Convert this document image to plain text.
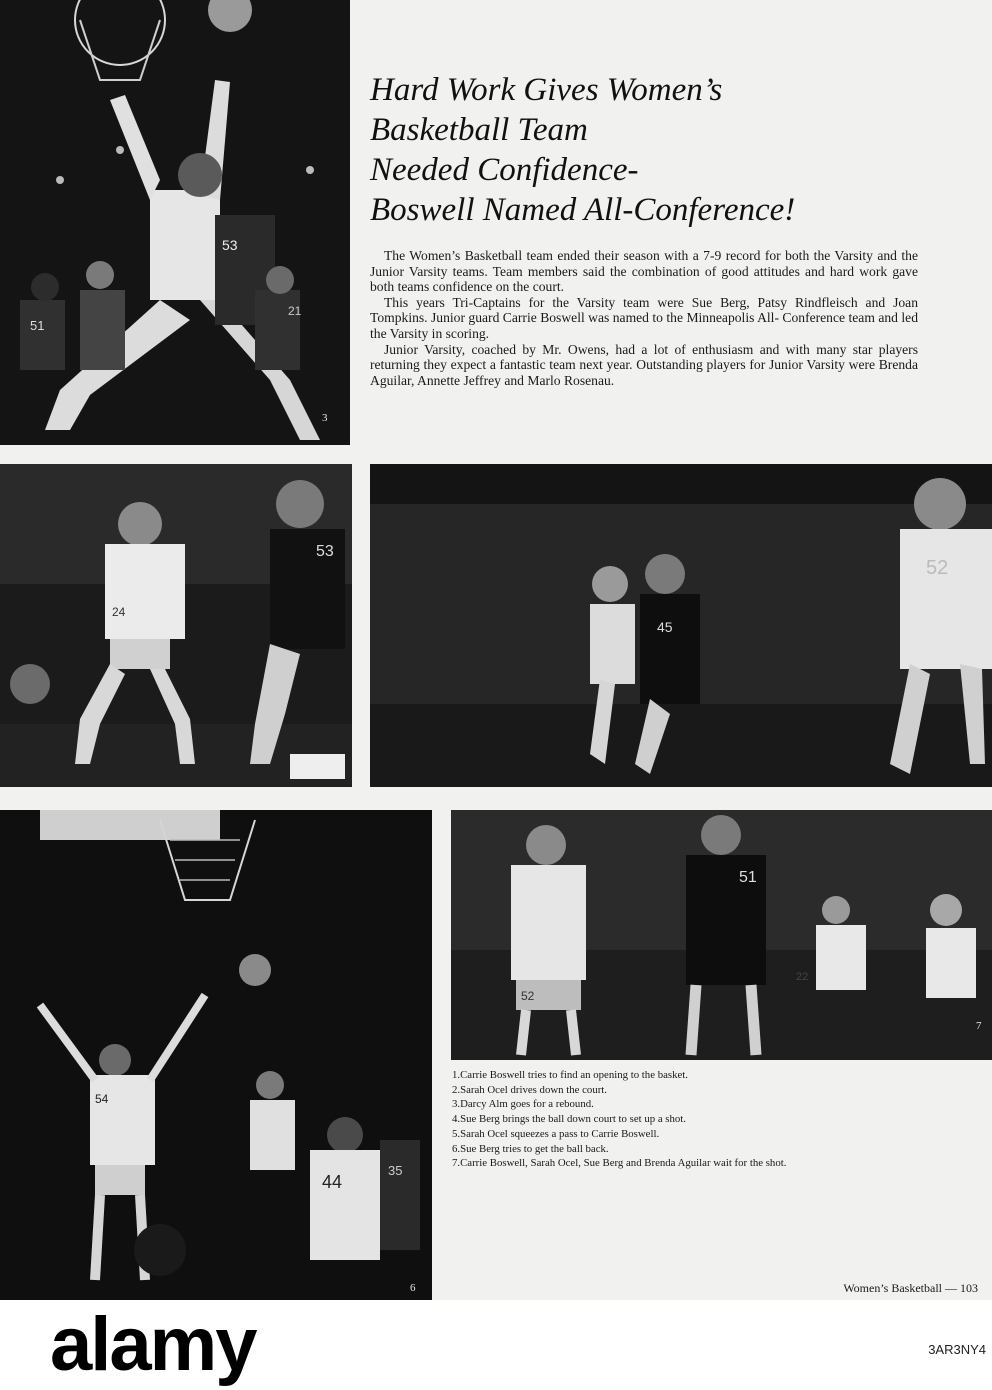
53
51
21
3
Hard Work Gives Women’s
Basketball Team
Needed Confidence-
Boswell Named All-Conference!

The Women’s Basketball team ended their season with a 7-9 record for both the Varsity and the Junior Varsity teams. Team members said the combination of good attitudes and hard work gave both teams confidence on the court.

This years Tri-Captains for the Varsity team were Sue Berg, Patsy Rindfleisch and Joan Tompkins. Junior guard Carrie Boswell was named to the Minneapolis All- Conference team and led the Varsity in scoring.

Junior Varsity, coached by Mr. Owens, had a lot of enthusiasm and with many star players returning they expect a fantastic team next year. Outstanding players for Junior Varsity were Brenda Aguilar, Annette Jeffrey and Marlo Rosenau.

24
53
45
52
54
44
35
6
52
51
22
7
1.Carrie Boswell tries to find an opening to the basket.
2.Sarah Ocel drives down the court.
3.Darcy Alm goes for a rebound.
4.Sue Berg brings the ball down court to set up a shot.
5.Sarah Ocel squeezes a pass to Carrie Boswell.
6.Sue Berg tries to get the ball back.
7.Carrie Boswell, Sarah Ocel, Sue Berg and Brenda Aguilar wait for the shot.
Women’s Basketball — 103
alamy	3AR3NY4
